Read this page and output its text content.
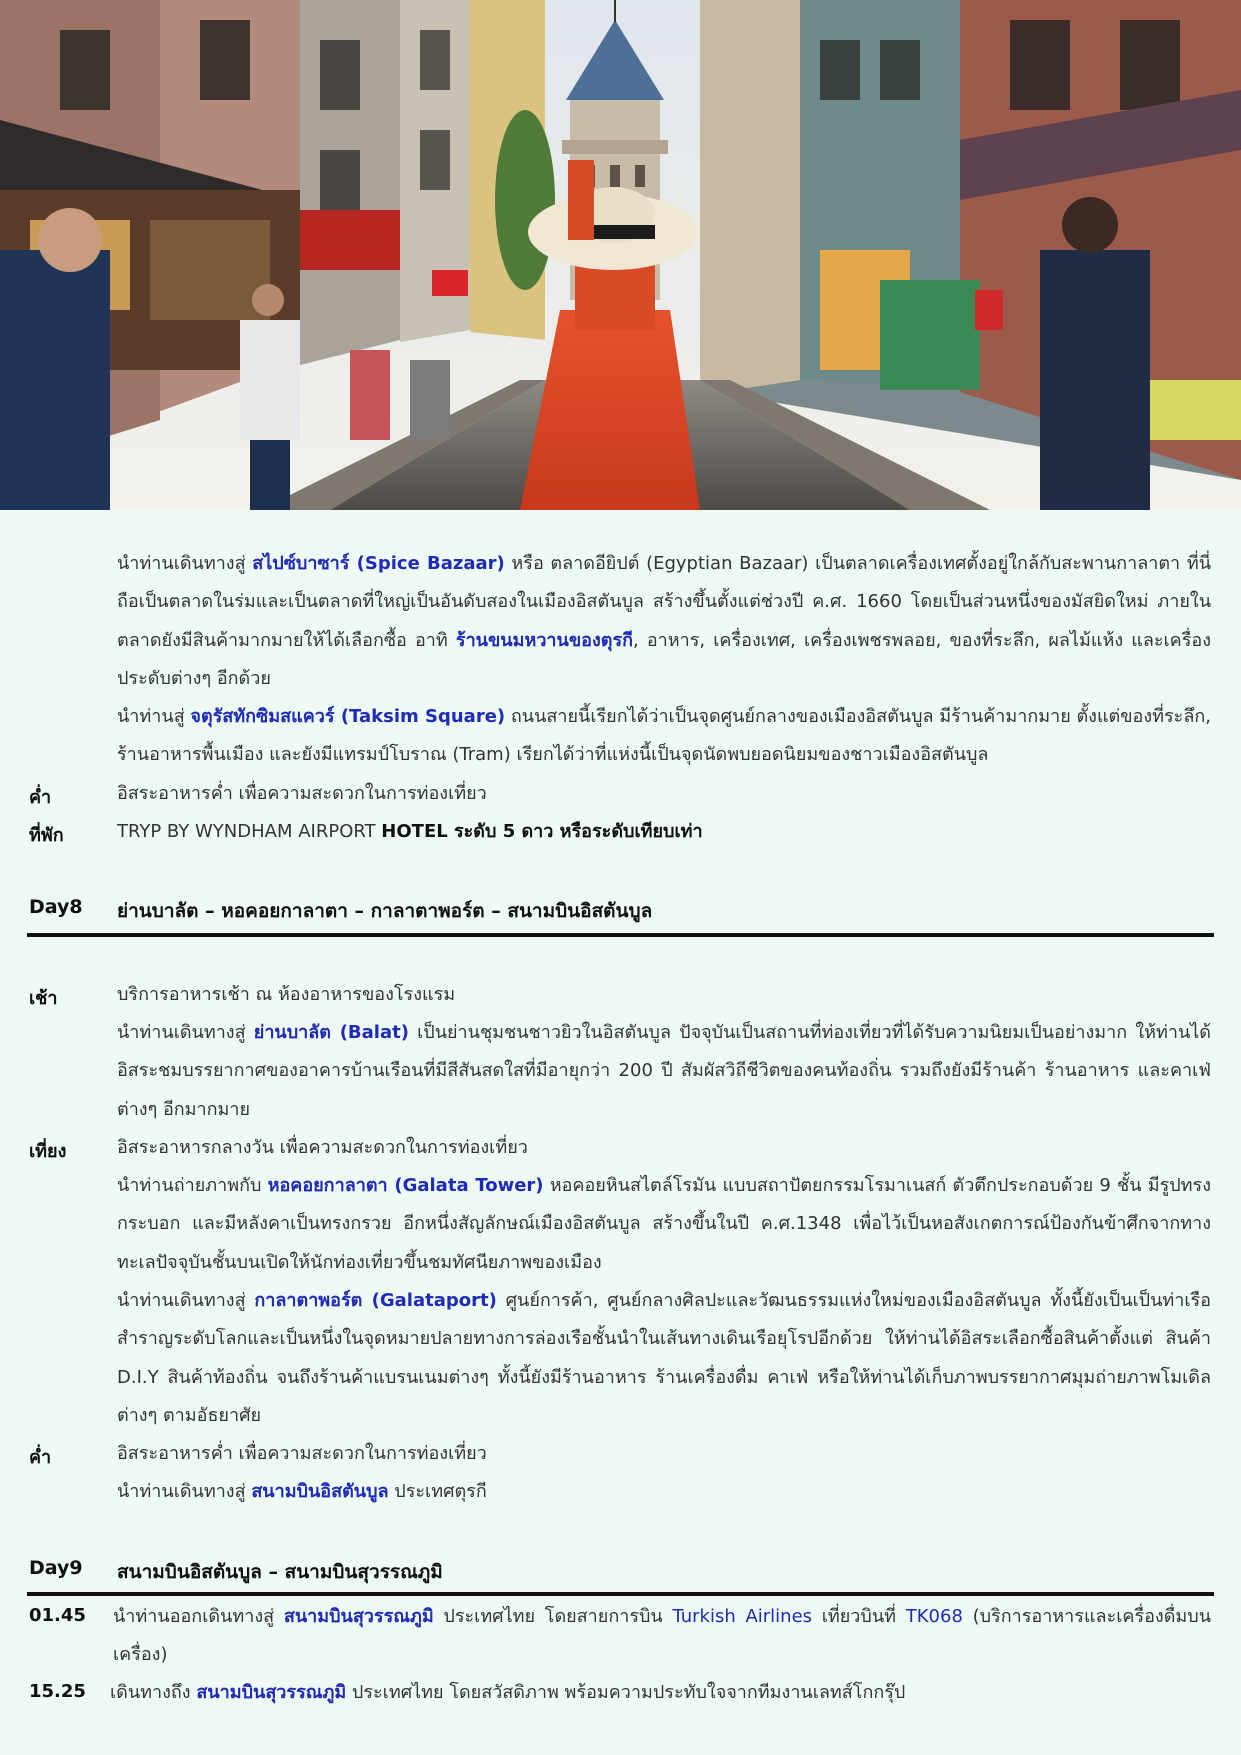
นำท่านเดินทางสู่ สไปซ์บาซาร์ (Spice Bazaar) หรือ ตลาดอียิปต์ (Egyptian Bazaar) เป็นตลาดเครื่องเทศตั้งอยู่ใกล้กับสะพานกาลาตา ที่นี่ถือเป็นตลาดในร่มและเป็นตลาดที่ใหญ่เป็นอันดับสองในเมืองอิสตันบูล สร้างขึ้นตั้งแต่ช่วงปี ค.ศ. 1660 โดยเป็นส่วนหนึ่งของมัสยิดใหม่ ภายในตลาดยังมีสินค้ามากมายให้ได้เลือกซื้อ อาทิ ร้านขนมหวานของตุรกี, อาหาร, เครื่องเทศ, เครื่องเพชรพลอย, ของที่ระลึก, ผลไม้แห้ง และเครื่องประดับต่างๆ อีกด้วย
นำท่านสู่ จตุรัสทักซิมสแควร์ (Taksim Square) ถนนสายนี้เรียกได้ว่าเป็นจุดศูนย์กลางของเมืองอิสตันบูล มีร้านค้ามากมาย ตั้งแต่ของที่ระลึก, ร้านอาหารพื้นเมือง และยังมีแทรมป์โบราณ (Tram) เรียกได้ว่าที่แห่งนี้เป็นจุดนัดพบยอดนิยมของชาวเมืองอิสตันบูล
ค่ำ	อิสระอาหารค่ำ เพื่อความสะดวกในการท่องเที่ยว
ที่พัก	TRYP BY WYNDHAM AIRPORT HOTEL ระดับ 5 ดาว หรือระดับเทียบเท่า
Day8 ย่านบาลัต – หอคอยกาลาตา – กาลาตาพอร์ต – สนามบินอิสตันบูล
เช้า	บริการอาหารเช้า ณ ห้องอาหารของโรงแรม
นำท่านเดินทางสู่ ย่านบาลัต (Balat) เป็นย่านชุมชนชาวยิวในอิสตันบูล ปัจจุบันเป็นสถานที่ท่องเที่ยวที่ได้รับความนิยมเป็นอย่างมาก ให้ท่านได้อิสระชมบรรยากาศของอาคารบ้านเรือนที่มีสีสันสดใสที่มีอายุกว่า 200 ปี สัมผัสวิถีชีวิตของคนท้องถิ่น รวมถึงยังมีร้านค้า ร้านอาหาร และคาเฟ่ต่างๆ อีกมากมาย
เที่ยง	อิสระอาหารกลางวัน เพื่อความสะดวกในการท่องเที่ยว
นำท่านถ่ายภาพกับ หอคอยกาลาตา (Galata Tower) หอคอยหินสไตล์โรมัน แบบสถาปัตยกรรมโรมาเนสก์ ตัวตึกประกอบด้วย 9 ชั้น มีรูปทรงกระบอก และมีหลังคาเป็นทรงกรวย อีกหนึ่งสัญลักษณ์เมืองอิสตันบูล สร้างขึ้นในปี ค.ศ.1348 เพื่อไว้เป็นหอสังเกตการณ์ป้องกันข้าศึกจากทางทะเลปัจจุบันชั้นบนเปิดให้นักท่องเที่ยวขึ้นชมทัศนียภาพของเมือง
นำท่านเดินทางสู่ กาลาตาพอร์ต (Galataport) ศูนย์การค้า, ศูนย์กลางศิลปะและวัฒนธรรมแห่งใหม่ของเมืองอิสตันบูล ทั้งนี้ยังเป็นเป็นท่าเรือสำราญระดับโลกและเป็นหนึ่งในจุดหมายปลายทางการล่องเรือชั้นนำในเส้นทางเดินเรือยุโรปอีกด้วย ให้ท่านได้อิสระเลือกซื้อสินค้าตั้งแต่ สินค้า D.I.Y สินค้าท้องถิ่น จนถึงร้านค้าแบรนเนมต่างๆ ทั้งนี้ยังมีร้านอาหาร ร้านเครื่องดื่ม คาเฟ่ หรือให้ท่านได้เก็บภาพบรรยากาศมุมถ่ายภาพโมเดิลต่างๆ ตามอัธยาศัย
ค่ำ	อิสระอาหารค่ำ เพื่อความสะดวกในการท่องเที่ยว
นำท่านเดินทางสู่ สนามบินอิสตันบูล ประเทศตุรกี
Day9 สนามบินอิสตันบูล – สนามบินสุวรรณภูมิ
01.45 นำท่านออกเดินทางสู่ สนามบินสุวรรณภูมิ ประเทศไทย โดยสายการบิน Turkish Airlines เที่ยวบินที่ TK068 (บริการอาหารและเครื่องดื่มบนเครื่อง)
15.25 เดินทางถึง สนามบินสุวรรณภูมิ ประเทศไทย โดยสวัสดิภาพ พร้อมความประทับใจจากทีมงานเลทส์โกกรุ๊ป
